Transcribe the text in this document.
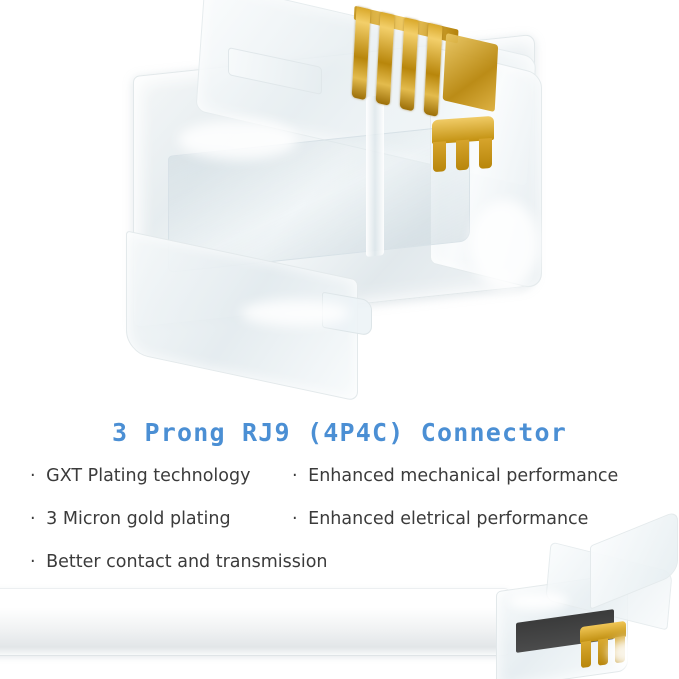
3 Prong RJ9 (4P4C) Connector
· GXT Plating technology
· 3 Micron gold plating
· Better contact and transmission
· Enhanced mechanical performance
· Enhanced eletrical performance
